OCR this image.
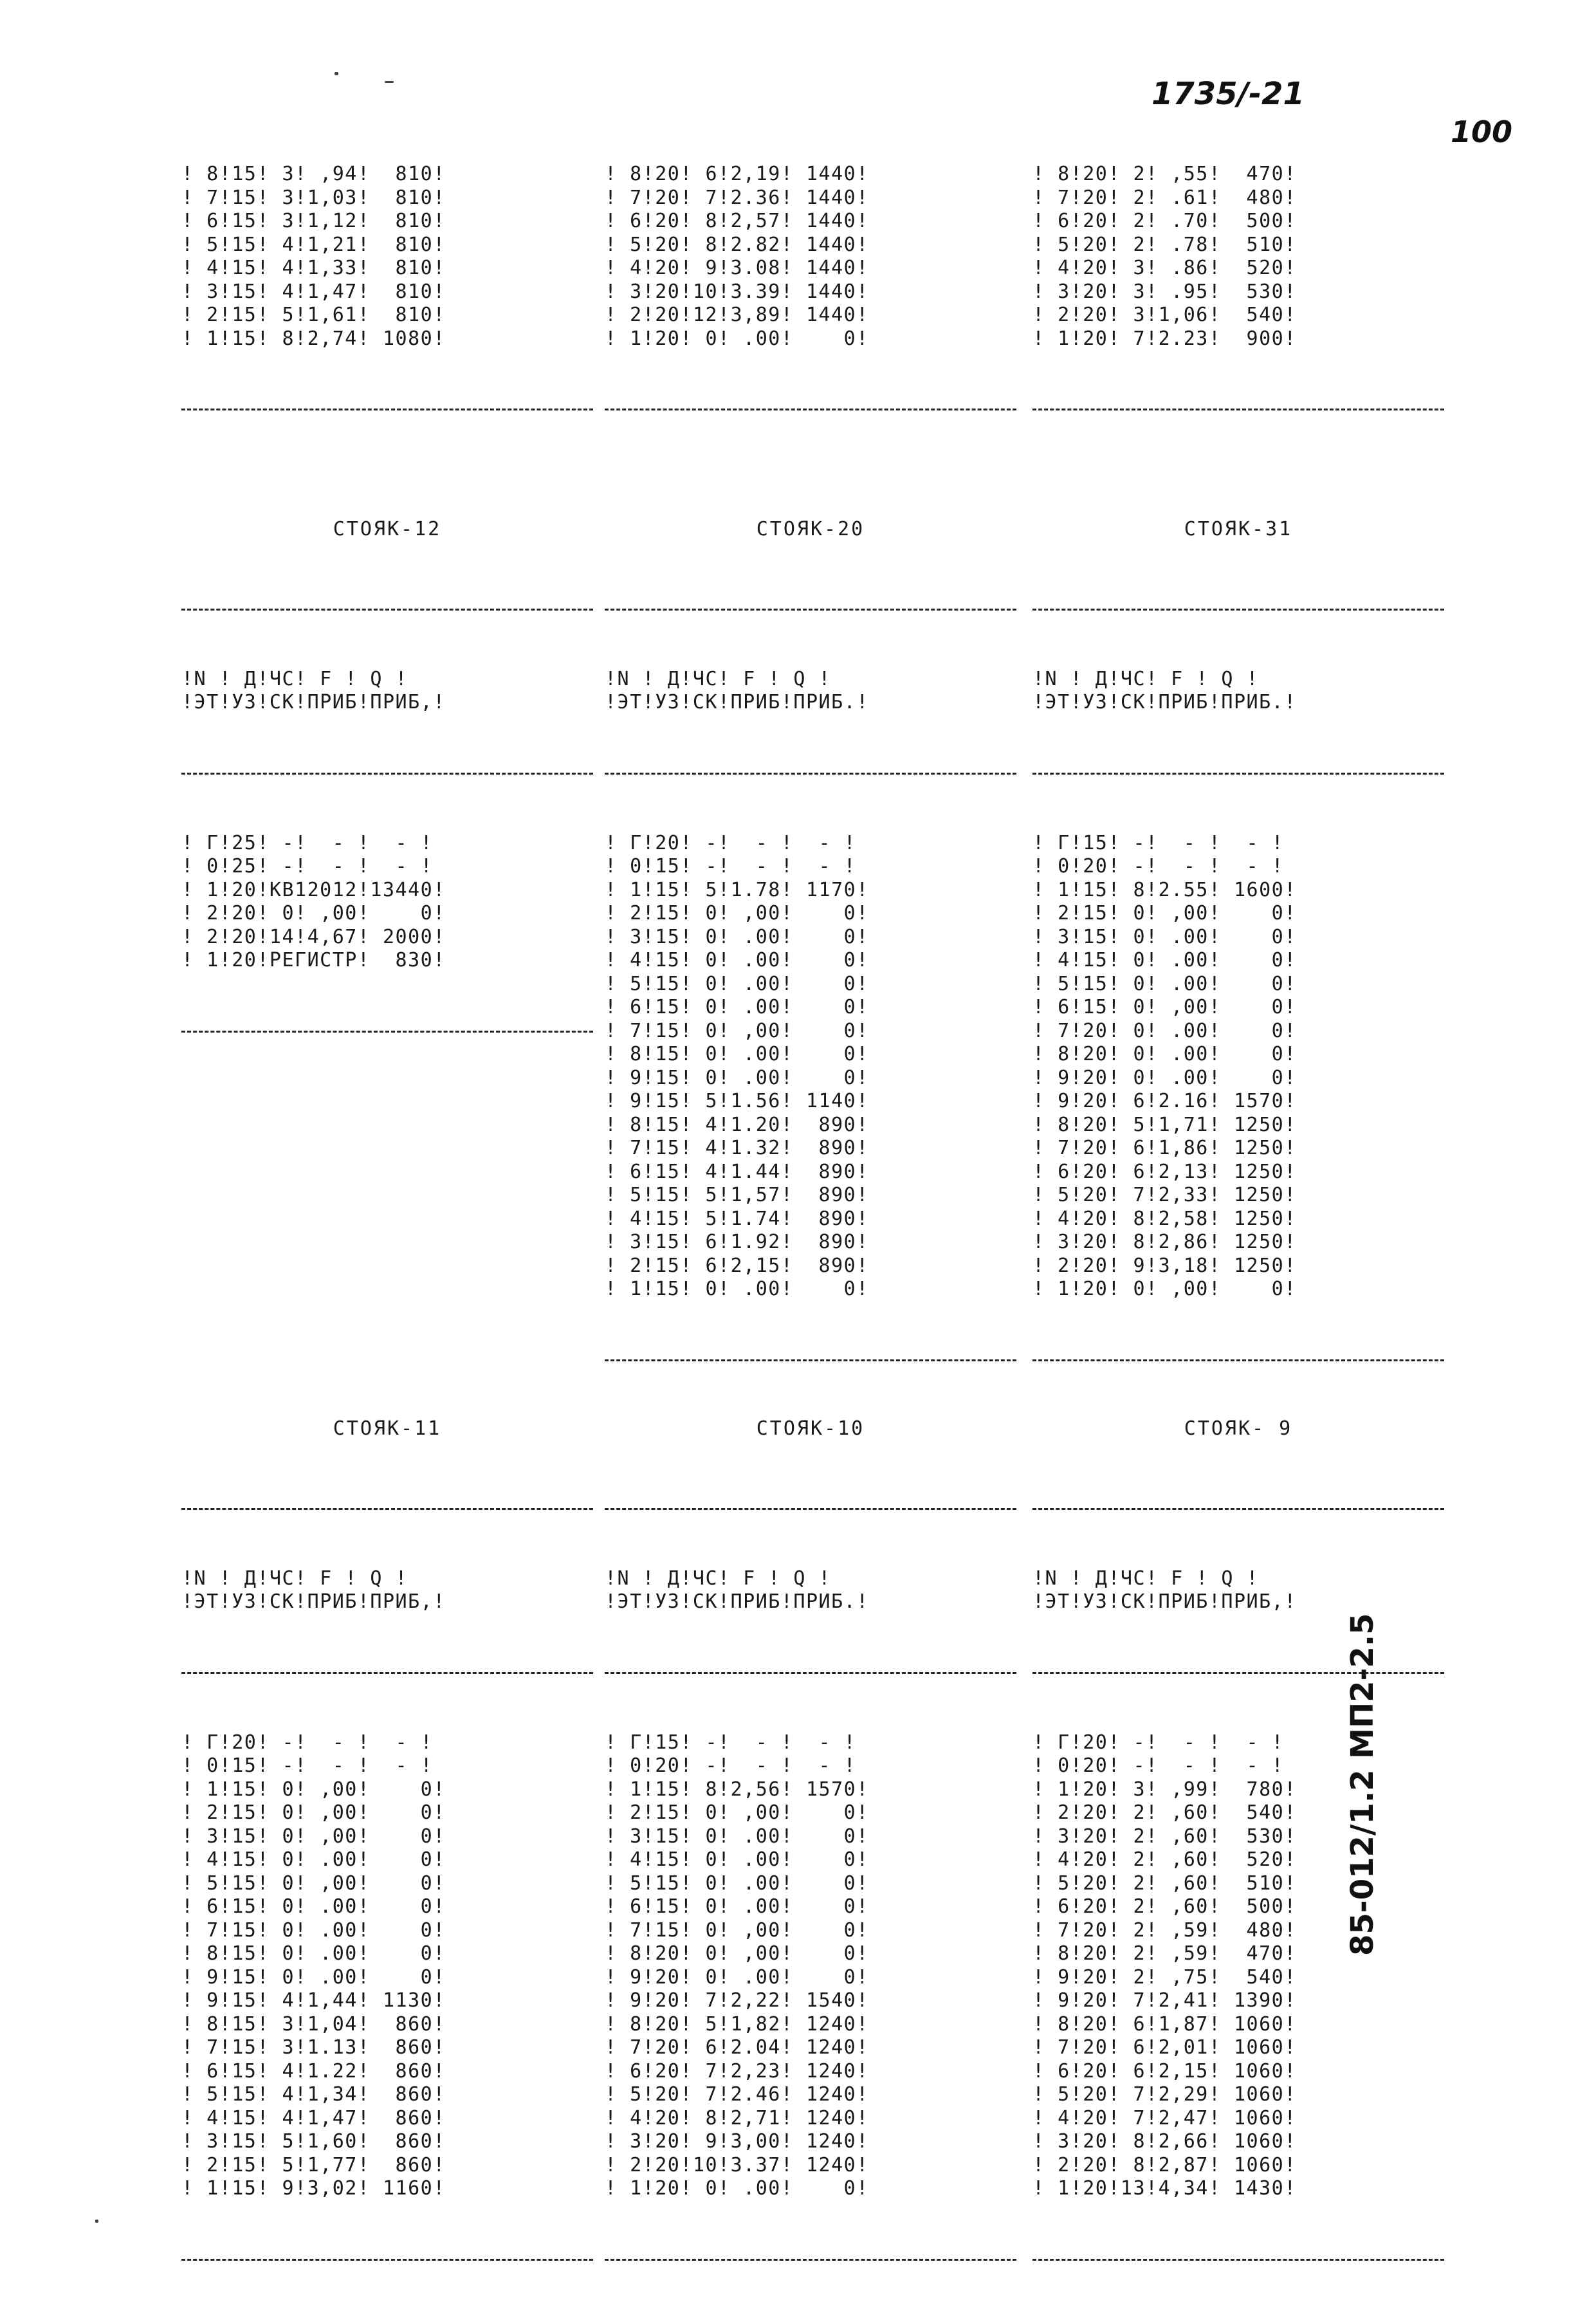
1735/-21
100
85-012/1.2 МП2-2.5

! 8!15! 3! ,94!  810!
! 7!15! 3!1,03!  810!
! 6!15! 3!1,12!  810!
! 5!15! 4!1,21!  810!
! 4!15! 4!1,33!  810!
! 3!15! 4!1,47!  810!
! 2!15! 5!1,61!  810!
! 1!15! 8!2,74! 1080!

! 8!20! 6!2,19! 1440!
! 7!20! 7!2.36! 1440!
! 6!20! 8!2,57! 1440!
! 5!20! 8!2.82! 1440!
! 4!20! 9!3.08! 1440!
! 3!20!10!3.39! 1440!
! 2!20!12!3,89! 1440!
! 1!20! 0! .00!    0!

! 8!20! 2! ,55!  470!
! 7!20! 2! .61!  480!
! 6!20! 2! .70!  500!
! 5!20! 2! .78!  510!
! 4!20! 3! .86!  520!
! 3!20! 3! .95!  530!
! 2!20! 3!1,06!  540!
! 1!20! 7!2.23!  900!

СТОЯК-12

!N ! Д!ЧС! F ! Q !
!ЭТ!УЗ!СК!ПРИБ!ПРИБ,!

! Г!25! -!  - !  - !
! 0!25! -!  - !  - !
! 1!20!КВ12012!13440!
! 2!20! 0! ,00!    0!
! 2!20!14!4,67! 2000!
! 1!20!РЕГИСТР!  830!

СТОЯК-20

!N ! Д!ЧС! F ! Q !
!ЭТ!УЗ!СК!ПРИБ!ПРИБ.!

! Г!20! -!  - !  - !
! 0!15! -!  - !  - !
! 1!15! 5!1.78! 1170!
! 2!15! 0! ,00!    0!
! 3!15! 0! .00!    0!
! 4!15! 0! .00!    0!
! 5!15! 0! .00!    0!
! 6!15! 0! .00!    0!
! 7!15! 0! ,00!    0!
! 8!15! 0! .00!    0!
! 9!15! 0! .00!    0!
! 9!15! 5!1.56! 1140!
! 8!15! 4!1.20!  890!
! 7!15! 4!1.32!  890!
! 6!15! 4!1.44!  890!
! 5!15! 5!1,57!  890!
! 4!15! 5!1.74!  890!
! 3!15! 6!1.92!  890!
! 2!15! 6!2,15!  890!
! 1!15! 0! .00!    0!

СТОЯК-31

!N ! Д!ЧС! F ! Q !
!ЭТ!УЗ!СК!ПРИБ!ПРИБ.!

! Г!15! -!  - !  - !
! 0!20! -!  - !  - !
! 1!15! 8!2.55! 1600!
! 2!15! 0! ,00!    0!
! 3!15! 0! .00!    0!
! 4!15! 0! .00!    0!
! 5!15! 0! .00!    0!
! 6!15! 0! ,00!    0!
! 7!20! 0! .00!    0!
! 8!20! 0! .00!    0!
! 9!20! 0! .00!    0!
! 9!20! 6!2.16! 1570!
! 8!20! 5!1,71! 1250!
! 7!20! 6!1,86! 1250!
! 6!20! 6!2,13! 1250!
! 5!20! 7!2,33! 1250!
! 4!20! 8!2,58! 1250!
! 3!20! 8!2,86! 1250!
! 2!20! 9!3,18! 1250!
! 1!20! 0! ,00!    0!

СТОЯК-11

!N ! Д!ЧС! F ! Q !
!ЭТ!УЗ!СК!ПРИБ!ПРИБ,!

! Г!20! -!  - !  - !
! 0!15! -!  - !  - !
! 1!15! 0! ,00!    0!
! 2!15! 0! ,00!    0!
! 3!15! 0! ,00!    0!
! 4!15! 0! .00!    0!
! 5!15! 0! ,00!    0!
! 6!15! 0! .00!    0!
! 7!15! 0! .00!    0!
! 8!15! 0! .00!    0!
! 9!15! 0! .00!    0!
! 9!15! 4!1,44! 1130!
! 8!15! 3!1,04!  860!
! 7!15! 3!1.13!  860!
! 6!15! 4!1.22!  860!
! 5!15! 4!1,34!  860!
! 4!15! 4!1,47!  860!
! 3!15! 5!1,60!  860!
! 2!15! 5!1,77!  860!
! 1!15! 9!3,02! 1160!

СТОЯК-10

!N ! Д!ЧС! F ! Q !
!ЭТ!УЗ!СК!ПРИБ!ПРИБ.!

! Г!15! -!  - !  - !
! 0!20! -!  - !  - !
! 1!15! 8!2,56! 1570!
! 2!15! 0! ,00!    0!
! 3!15! 0! .00!    0!
! 4!15! 0! .00!    0!
! 5!15! 0! .00!    0!
! 6!15! 0! .00!    0!
! 7!15! 0! ,00!    0!
! 8!20! 0! ,00!    0!
! 9!20! 0! .00!    0!
! 9!20! 7!2,22! 1540!
! 8!20! 5!1,82! 1240!
! 7!20! 6!2.04! 1240!
! 6!20! 7!2,23! 1240!
! 5!20! 7!2.46! 1240!
! 4!20! 8!2,71! 1240!
! 3!20! 9!3,00! 1240!
! 2!20!10!3.37! 1240!
! 1!20! 0! .00!    0!

СТОЯК- 9

!N ! Д!ЧС! F ! Q !
!ЭТ!УЗ!СК!ПРИБ!ПРИБ,!

! Г!20! -!  - !  - !
! 0!20! -!  - !  - !
! 1!20! 3! ,99!  780!
! 2!20! 2! ,60!  540!
! 3!20! 2! ,60!  530!
! 4!20! 2! ,60!  520!
! 5!20! 2! ,60!  510!
! 6!20! 2! ,60!  500!
! 7!20! 2! ,59!  480!
! 8!20! 2! ,59!  470!
! 9!20! 2! ,75!  540!
! 9!20! 7!2,41! 1390!
! 8!20! 6!1,87! 1060!
! 7!20! 6!2,01! 1060!
! 6!20! 6!2,15! 1060!
! 5!20! 7!2,29! 1060!
! 4!20! 7!2,47! 1060!
! 3!20! 8!2,66! 1060!
! 2!20! 8!2,87! 1060!
! 1!20!13!4,34! 1430!
